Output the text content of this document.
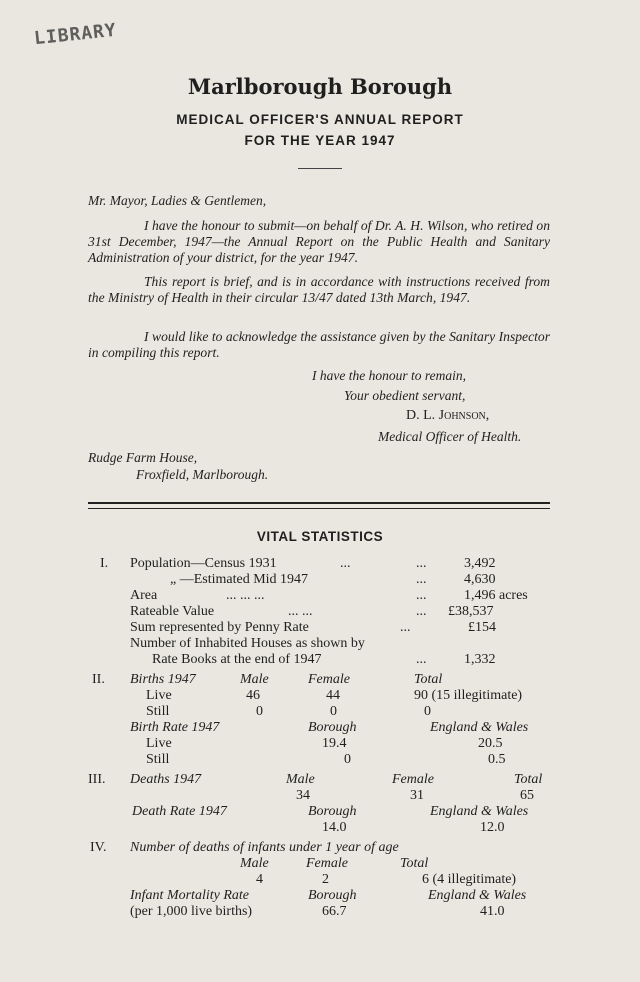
LIBRARY
Marlborough Borough
MEDICAL OFFICER'S ANNUAL REPORT
FOR THE YEAR 1947
Mr. Mayor, Ladies & Gentlemen,
I have the honour to submit—on behalf of Dr. A. H. Wilson, who retired on 31st December, 1947—the Annual Report on the Public Health and Sanitary Administration of your district, for the year 1947.
This report is brief, and is in accordance with instructions received from the Ministry of Health in their circular 13/47 dated 13th March, 1947.
I would like to acknowledge the assistance given by the Sanitary Inspector in compiling this report.
I have the honour to remain,
Your obedient servant,
D. L. Johnson,
Medical Officer of Health.
Rudge Farm House,
Froxfield, Marlborough.
VITAL STATISTICS
I. Population—Census 1931	...	...	3,492
„ —Estimated Mid 1947	...	4,630
Area	... ... ...	...	1,496 acres
Rateable Value	... ...	... £38,537
Sum represented by Penny Rate	...	£154
Number of Inhabited Houses as shown by
Rate Books at the end of 1947	...	1,332
II. Births 1947	Male	Female	Total
Live	46	44	90 (15 illegitimate)
Still	0	0	0
Birth Rate 1947	Borough	England & Wales
Live	19.4	20.5
Still	0	0.5
III. Deaths 1947	Male	Female	Total
34	31	65
Death Rate 1947	Borough	England & Wales
14.0	12.0
IV. Number of deaths of infants under 1 year of age
Male	Female	Total
4	2	6 (4 illegitimate)
Infant Mortality Rate	Borough	England & Wales
(per 1,000 live births)	66.7	41.0
